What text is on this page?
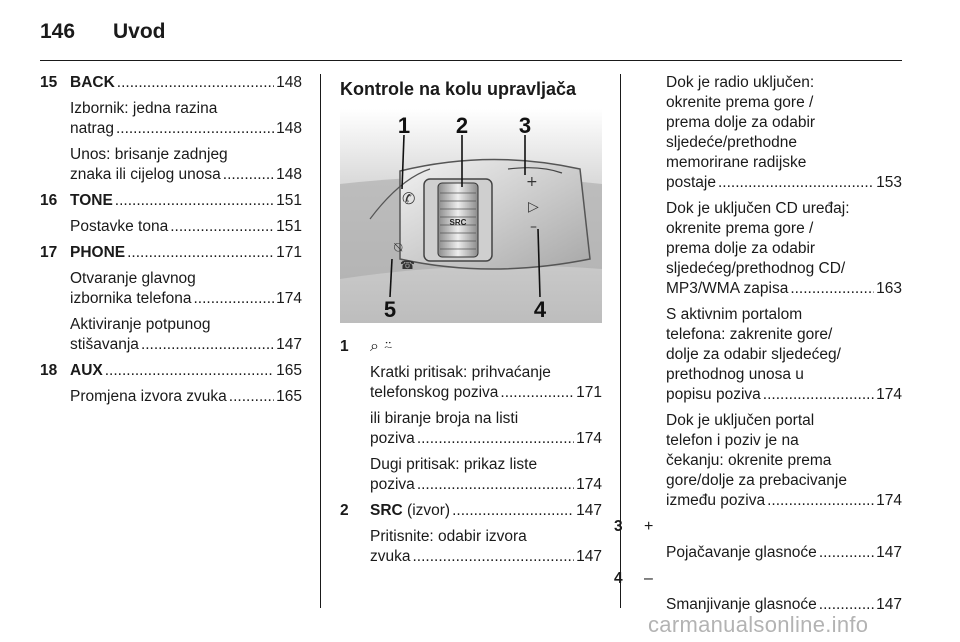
146 Uvod
15 BACK .....	148
Izbornik: jedna razina
natrag .....	148
Unos: brisanje zadnjeg
znaka ili cijelog unosa .....	148
16 TONE .....	151
Postavke tona .....	151
17 PHONE .....	171
Otvaranje glavnog
izbornika telefona .....	174
Aktiviranje potpunog
stišavanja .....	147
18 AUX .....	165
Promjena izvora zvuka .....	165
Kontrole na kolu upravljača
SRC
✆
⍉
☎
+
▷
–
1 2 3
4
5
1	⌕ ⍨
Kratki pritisak: prihvaćanje
telefonskog poziva .....	171
ili biranje broja na listi
poziva .....	174
Dugi pritisak: prikaz liste
poziva .....	174
2	SRC (izvor) .....	147
Pritisnite: odabir izvora
zvuka .....	147
Dok je radio uključen:
okrenite prema gore /
prema dolje za odabir
sljedeće/prethodne
memorirane radijske
postaje .....	153
Dok je uključen CD uređaj:
okrenite prema gore /
prema dolje za odabir
sljedećeg/prethodnog CD/
MP3/WMA zapisa .....	163
S aktivnim portalom
telefona: zakrenite gore/
dolje za odabir sljedećeg/
prethodnog unosa u
popisu poziva .....	174
Dok je uključen portal
telefon i poziv je na
čekanju: okrenite prema
gore/dolje za prebacivanje
između poziva .....	174
3	+
Pojačavanje glasnoće .....	147
4	–
Smanjivanje glasnoće .....	147
carmanualsonline.info
